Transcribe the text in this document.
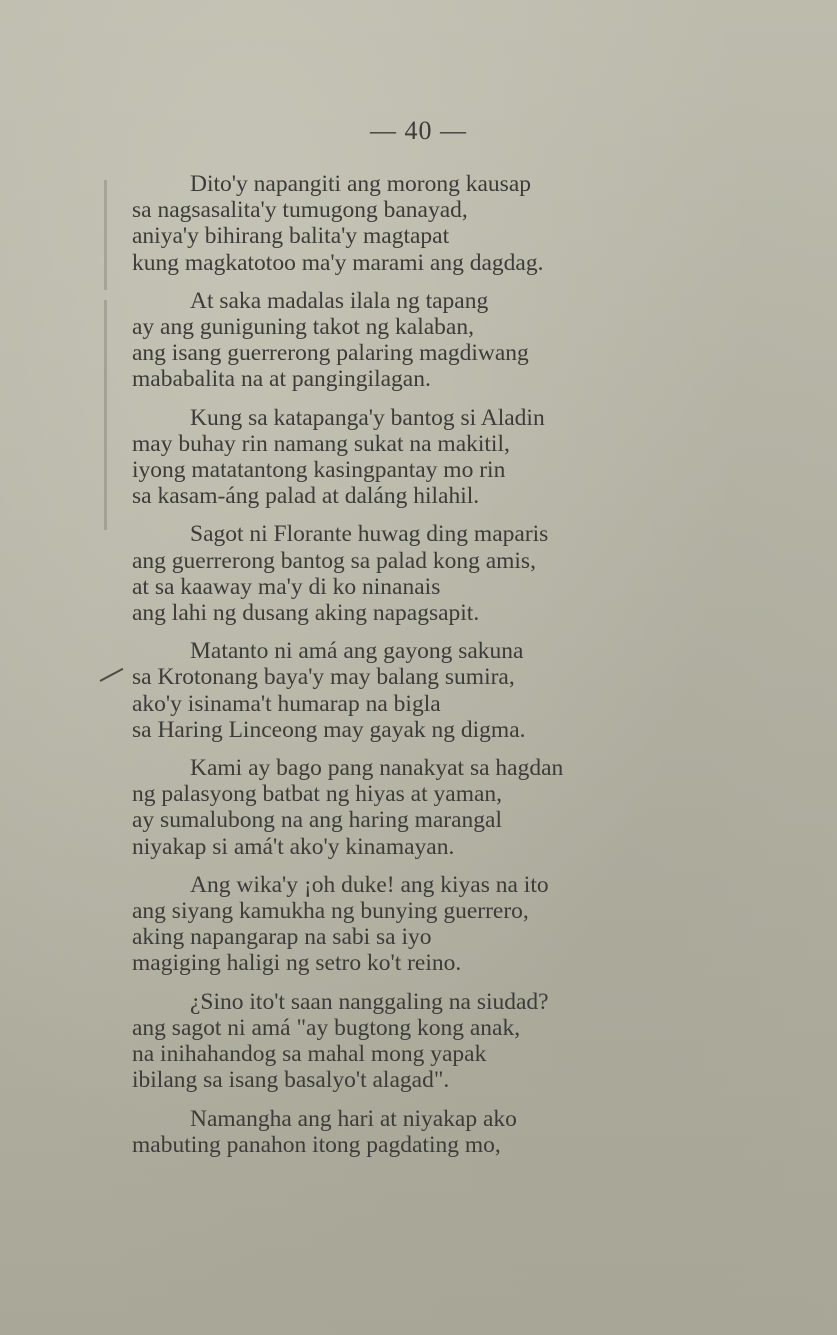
— 40 —
Dito'y napangiti ang morong kausap
sa nagsasalita'y tumugong banayad,
aniya'y bihirang balita'y magtapat
kung magkatotoo ma'y marami ang dagdag.
At saka madalas ilala ng tapang
ay ang guniguning takot ng kalaban,
ang isang guerrerong palaring magdiwang
mababalita na at pangingilagan.
Kung sa katapanga'y bantog si Aladin
may buhay rin namang sukat na makitil,
iyong matatantong kasingpantay mo rin
sa kasam-áng palad at daláng hilahil.
Sagot ni Florante huwag ding maparis
ang guerrerong bantog sa palad kong amis,
at sa kaaway ma'y di ko ninanais
ang lahi ng dusang aking napagsapit.
Matanto ni amá ang gayong sakuna
sa Krotonang baya'y may balang sumira,
ako'y isinama't humarap na bigla
sa Haring Linceong may gayak ng digma.
Kami ay bago pang nanakyat sa hagdan
ng palasyong batbat ng hiyas at yaman,
ay sumalubong na ang haring marangal
niyakap si amá't ako'y kinamayan.
Ang wika'y ¡oh duke! ang kiyas na ito
ang siyang kamukha ng bunying guerrero,
aking napangarap na sabi sa iyo
magiging haligi ng setro ko't reino.
¿Sino ito't saan nanggaling na siudad?
ang sagot ni amá "ay bugtong kong anak,
na inihahandog sa mahal mong yapak
ibilang sa isang basalyo't alagad".
Namangha ang hari at niyakap ako
mabuting panahon itong pagdating mo,
